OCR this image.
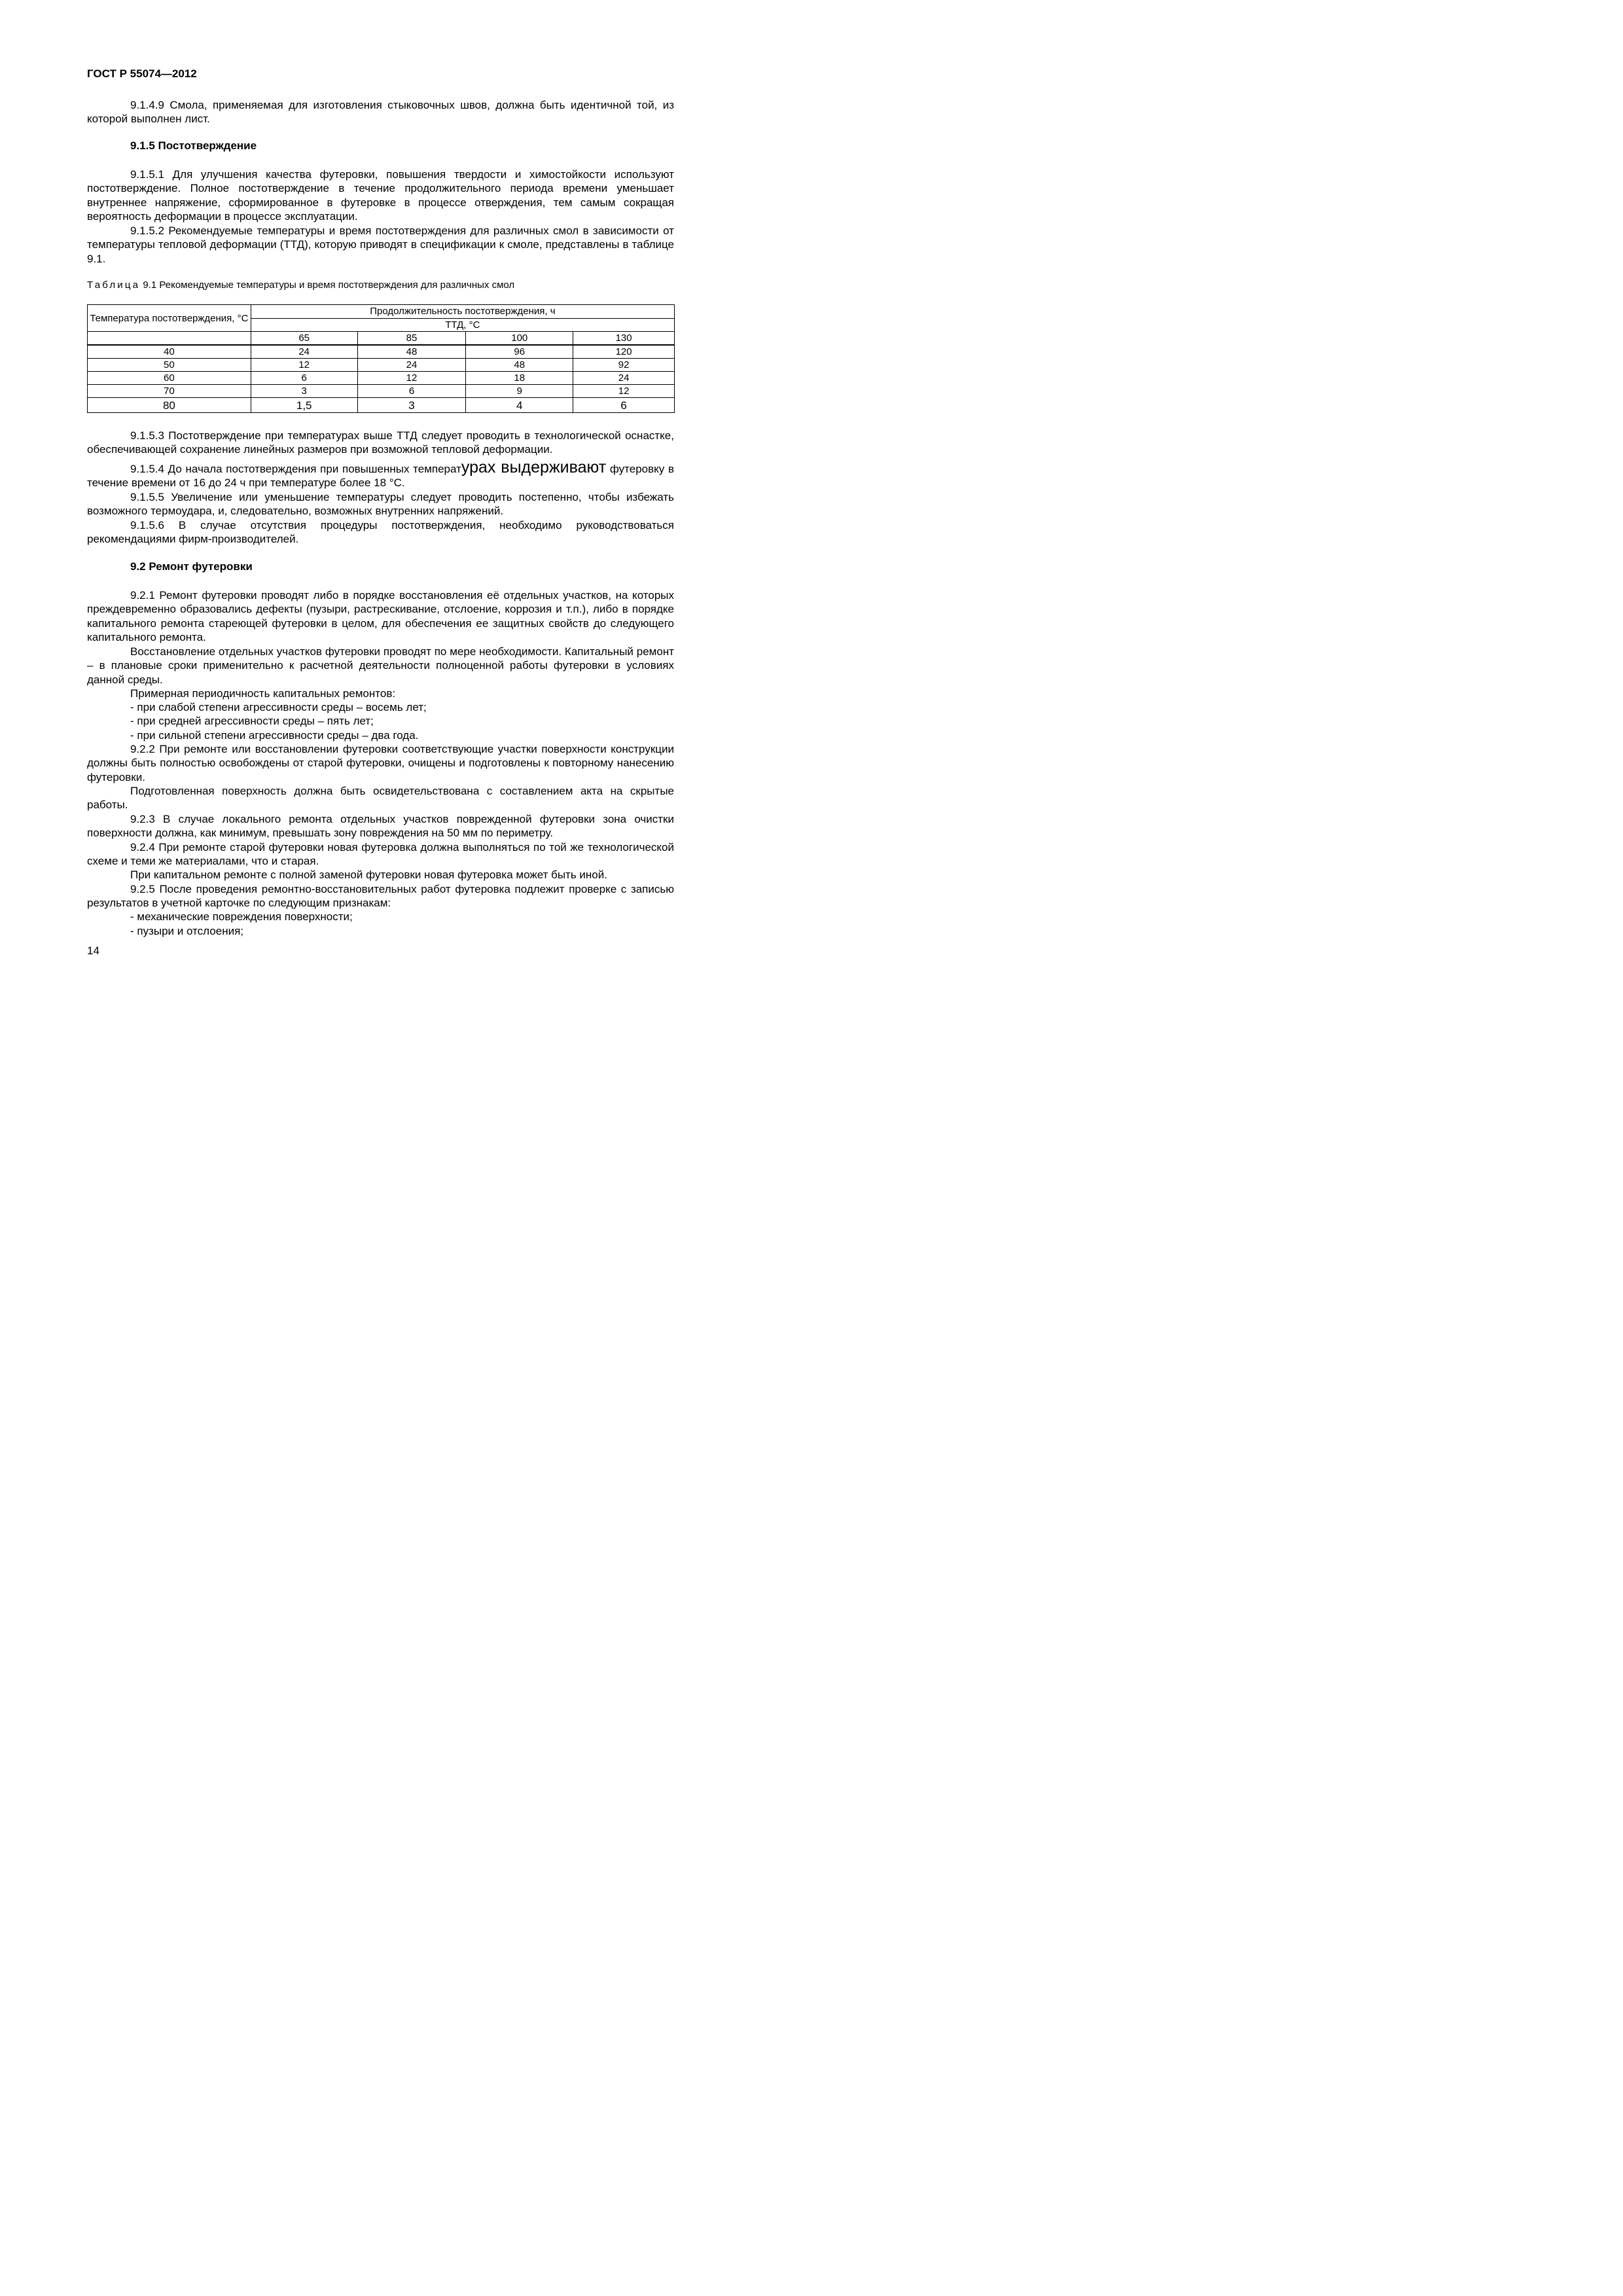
ГОСТ Р 55074—2012

9.1.4.9 Смола, применяемая для изготовления стыковочных швов, должна быть идентичной той, из которой выполнен лист.

9.1.5 Постотверждение

9.1.5.1 Для улучшения качества футеровки, повышения твердости и химостойкости используют постотверждение. Полное постотверждение в течение продолжительного периода времени уменьшает внутреннее напряжение, сформированное в футеровке в процессе отверждения, тем самым сокращая вероятность деформации в процессе эксплуатации.

9.1.5.2 Рекомендуемые температуры и время постотверждения для различных смол в зависимости от температуры тепловой деформации (ТТД), которую приводят в спецификации к смоле, представлены в таблице 9.1.

Таблица 9.1 Рекомендуемые температуры и время постотверждения для различных смол
Температура постотверждения, °C	Продолжительность постотверждения, ч			
	ТТД, °С			
	65	85	100	130
40	24	48	96	120
50	12	24	48	92
60	6	12	18	24
70	3	6	9	12
80	1,5	3	4	6

9.1.5.3 Постотверждение при температурах выше ТТД следует проводить в технологической оснастке, обеспечивающей сохранение линейных размеров при возможной тепловой деформации.

9.1.5.4 До начала постотверждения при повышенных температурах выдерживают футеровку в течение времени от 16 до 24 ч при температуре более 18 °С.

9.1.5.5 Увеличение или уменьшение температуры следует проводить постепенно, чтобы избежать возможного термоудара, и, следовательно, возможных внутренних напряжений.

9.1.5.6 В случае отсутствия процедуры постотверждения, необходимо руководствоваться рекомендациями фирм-производителей.

9.2 Ремонт футеровки

9.2.1 Ремонт футеровки проводят либо в порядке восстановления её отдельных участков, на которых преждевременно образовались дефекты (пузыри, растрескивание, отслоение, коррозия и т.п.), либо в порядке капитального ремонта стареющей футеровки в целом, для обеспечения ее защитных свойств до следующего капитального ремонта.

Восстановление отдельных участков футеровки проводят по мере необходимости. Капитальный ремонт – в плановые сроки применительно к расчетной деятельности полноценной работы футеровки в условиях данной среды.

Примерная периодичность капитальных ремонтов:

- при слабой степени агрессивности среды – восемь лет;

- при средней агрессивности среды – пять лет;

- при сильной степени агрессивности среды – два года.

9.2.2 При ремонте или восстановлении футеровки соответствующие участки поверхности конструкции должны быть полностью освобождены от старой футеровки, очищены и подготовлены к повторному нанесению футеровки.

Подготовленная поверхность должна быть освидетельствована с составлением акта на скрытые работы.

9.2.3 В случае локального ремонта отдельных участков поврежденной футеровки зона очистки поверхности должна, как минимум, превышать зону повреждения на 50 мм по периметру.

9.2.4 При ремонте старой футеровки новая футеровка должна выполняться по той же технологической схеме и теми же материалами, что и старая.

При капитальном ремонте с полной заменой футеровки новая футеровка может быть иной.

9.2.5 После проведения ремонтно-восстановительных работ футеровка подлежит проверке с записью результатов в учетной карточке по следующим признакам:

- механические повреждения поверхности;

- пузыри и отслоения;

14
